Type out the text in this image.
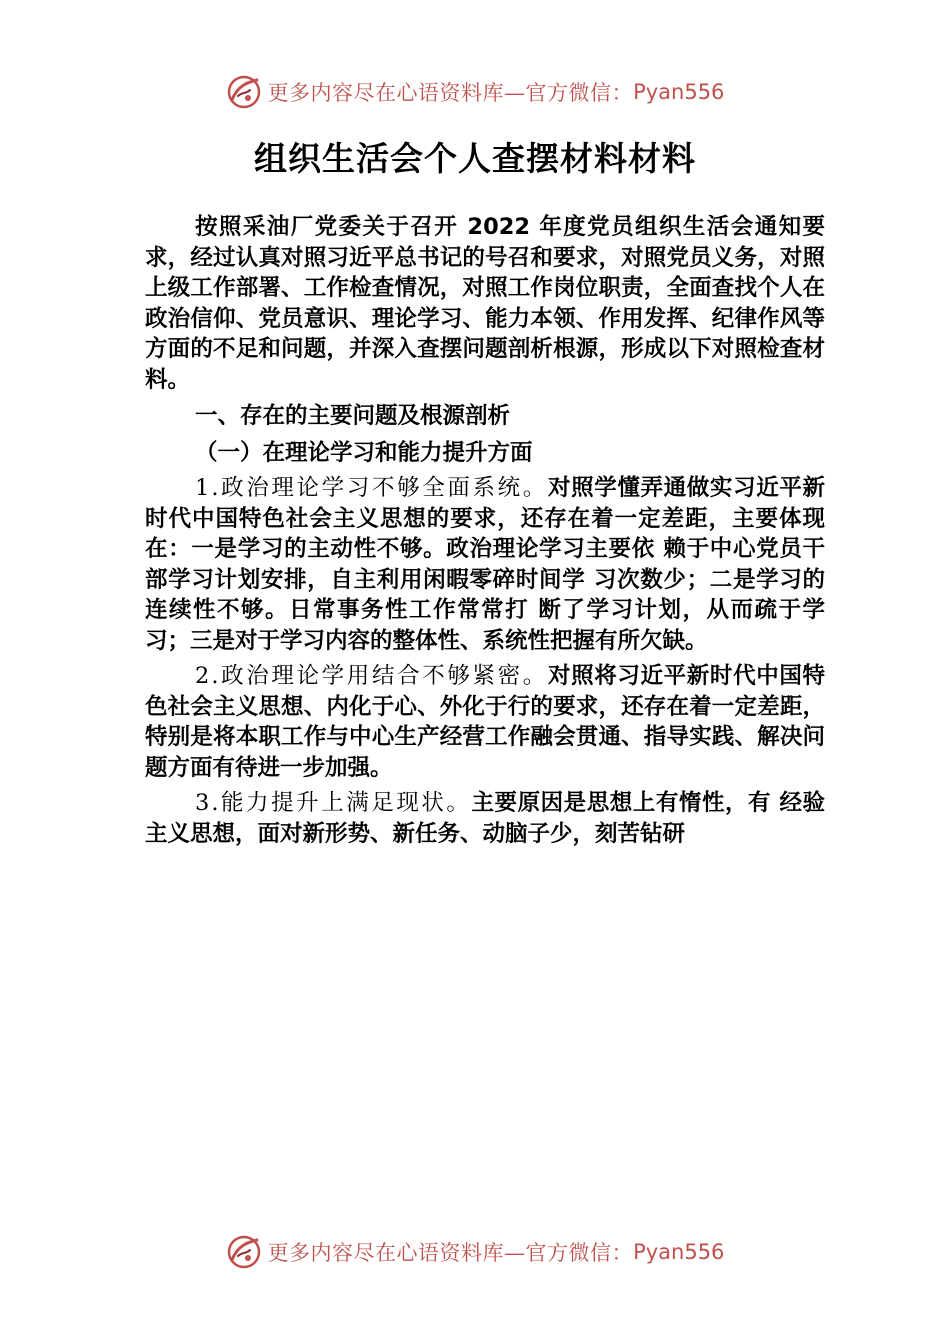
更多内容尽在心语资料库—官方微信： Pyan556
组织生活会个人查摆材料材料

按照采油厂党委关于召开 2022 年度党员组织生活会通知要求，经过认真对照习近平总书记的号召和要求，对照党员义务，对照上级工作部署、工作检查情况，对照工作岗位职责，全面查找个人在政治信仰、党员意识、理论学习、能力本领、作用发挥、纪律作风等方面的不足和问题，并深入查摆问题剖析根源，形成以下对照检查材料。

一、存在的主要问题及根源剖析

（一）在理论学习和能力提升方面

1.政治理论学习不够全面系统。对照学懂弄通做实习近平新时代中国特色社会主义思想的要求，还存在着一定差距，主要体现在：一是学习的主动性不够。政治理论学习主要依 赖于中心党员干部学习计划安排，自主利用闲暇零碎时间学 习次数少；二是学习的连续性不够。日常事务性工作常常打 断了学习计划，从而疏于学习；三是对于学习内容的整体性、系统性把握有所欠缺。

2.政治理论学用结合不够紧密。对照将习近平新时代中国特色社会主义思想、内化于心、外化于行的要求，还存在着一定差距，特别是将本职工作与中心生产经营工作融会贯通、指导实践、解决问题方面有待进一步加强。

3.能力提升上满足现状。主要原因是思想上有惰性，有 经验主义思想，面对新形势、新任务、动脑子少，刻苦钻研

更多内容尽在心语资料库—官方微信： Pyan556
